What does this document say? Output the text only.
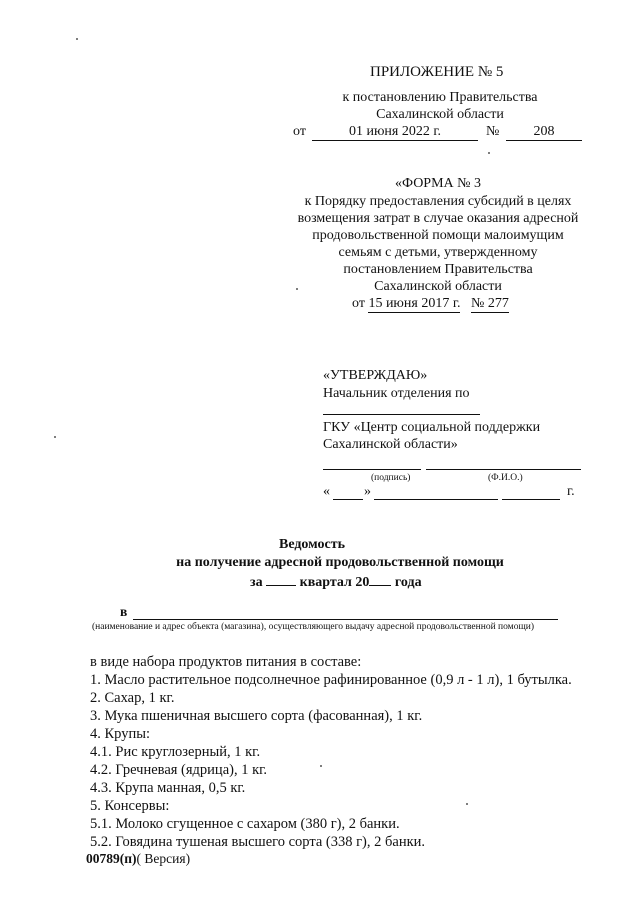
ПРИЛОЖЕНИЕ № 5
к постановлению Правительства
Сахалинской области
от	01 июня 2022 г.	№	208
«ФОРМА № 3
к Порядку предоставления субсидий в целях
возмещения затрат в случае оказания адресной
продовольственной помощи малоимущим
семьям с детьми, утвержденному
постановлением Правительства
Сахалинской области
от 15 июня 2017 г. № 277
«УТВЕРЖДАЮ»
Начальник отделения по
ГКУ «Центр социальной поддержки
Сахалинской области»
(подпись)	(Ф.И.О.)
« »	г.
Ведомость
на получение адресной продовольственной помощи
за	квартал 20 года
в
(наименование и адрес объекта (магазина), осуществляющего выдачу адресной продовольственной помощи)
в виде набора продуктов питания в составе:
1. Масло растительное подсолнечное рафинированное (0,9 л - 1 л), 1 бутылка.
2. Сахар, 1 кг.
3. Мука пшеничная высшего сорта (фасованная), 1 кг.
4. Крупы:
4.1. Рис круглозерный, 1 кг.
4.2. Гречневая (ядрица), 1 кг.
4.3. Крупа манная, 0,5 кг.
5. Консервы:
5.1. Молоко сгущенное с сахаром (380 г), 2 банки.
5.2. Говядина тушеная высшего сорта (338 г), 2 банки.
00789(п)( Версия)
